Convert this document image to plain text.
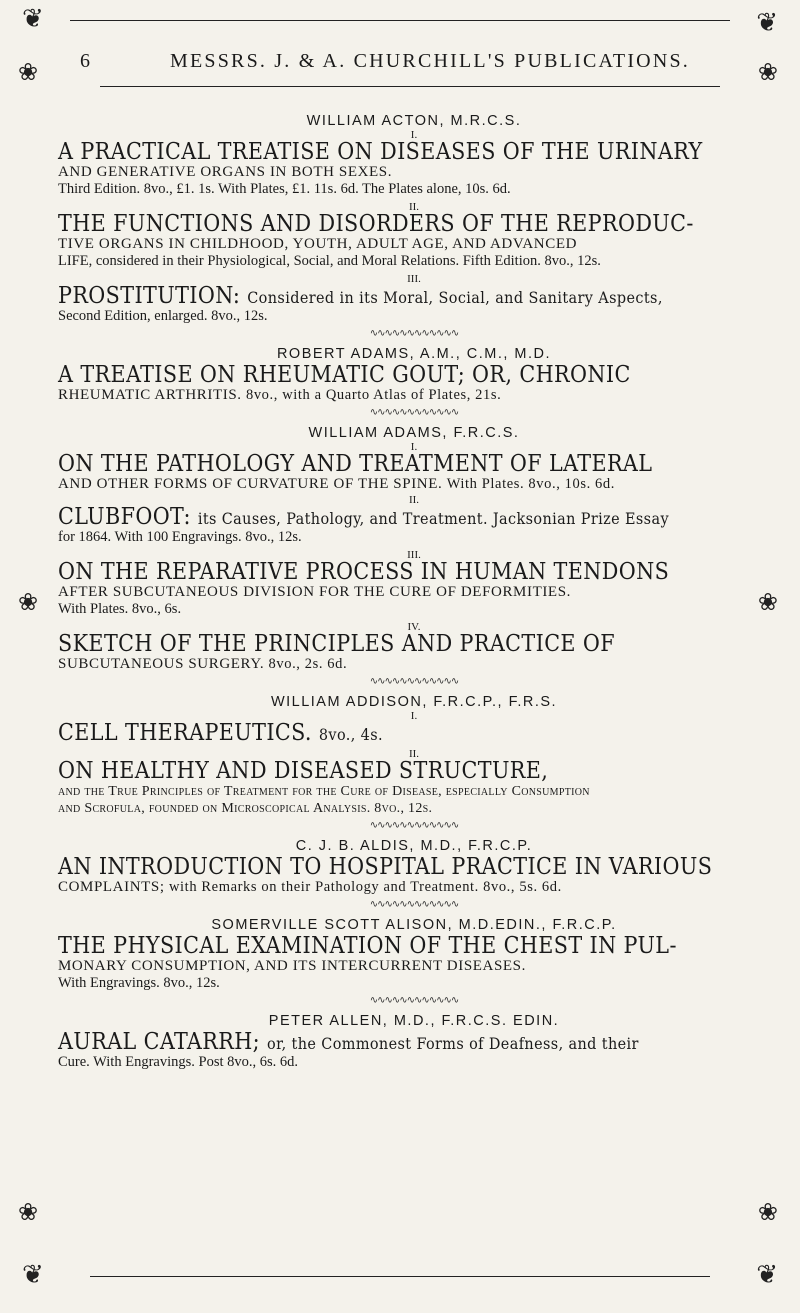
❦	❦
6	MESSRS. J. & A. CHURCHILL'S PUBLICATIONS.
❀	❀
❀	❀
❀	❀

WILLIAM ACTON, M.R.C.S.

I.

A PRACTICAL TREATISE ON DISEASES OF THE URINARY

AND GENERATIVE ORGANS IN BOTH SEXES.

Third Edition. 8vo., £1. 1s. With Plates, £1. 11s. 6d. The Plates alone, 10s. 6d.

II.

THE FUNCTIONS AND DISORDERS OF THE REPRODUC-

TIVE ORGANS IN CHILDHOOD, YOUTH, ADULT AGE, AND ADVANCED

LIFE, considered in their Physiological, Social, and Moral Relations. Fifth Edition. 8vo., 12s.

III.

PROSTITUTION: Considered in its Moral, Social, and Sanitary Aspects,

Second Edition, enlarged. 8vo., 12s.

∿∿∿∿∿∿∿∿∿∿∿∿

ROBERT ADAMS, A.M., C.M., M.D.

A TREATISE ON RHEUMATIC GOUT; OR, CHRONIC

RHEUMATIC ARTHRITIS. 8vo., with a Quarto Atlas of Plates, 21s.

∿∿∿∿∿∿∿∿∿∿∿∿

WILLIAM ADAMS, F.R.C.S.

I.

ON THE PATHOLOGY AND TREATMENT OF LATERAL

AND OTHER FORMS OF CURVATURE OF THE SPINE. With Plates. 8vo., 10s. 6d.

II.

CLUBFOOT: its Causes, Pathology, and Treatment. Jacksonian Prize Essay

for 1864. With 100 Engravings. 8vo., 12s.

III.

ON THE REPARATIVE PROCESS IN HUMAN TENDONS

AFTER SUBCUTANEOUS DIVISION FOR THE CURE OF DEFORMITIES.

With Plates. 8vo., 6s.

IV.

SKETCH OF THE PRINCIPLES AND PRACTICE OF

SUBCUTANEOUS SURGERY. 8vo., 2s. 6d.

∿∿∿∿∿∿∿∿∿∿∿∿

WILLIAM ADDISON, F.R.C.P., F.R.S.

I.

CELL THERAPEUTICS. 8vo., 4s.

II.

ON HEALTHY AND DISEASED STRUCTURE,

and the True Principles of Treatment for the Cure of Disease, especially Consumption

and Scrofula, founded on Microscopical Analysis. 8vo., 12s.

∿∿∿∿∿∿∿∿∿∿∿∿

C. J. B. ALDIS, M.D., F.R.C.P.

AN INTRODUCTION TO HOSPITAL PRACTICE IN VARIOUS

COMPLAINTS; with Remarks on their Pathology and Treatment. 8vo., 5s. 6d.

∿∿∿∿∿∿∿∿∿∿∿∿

SOMERVILLE SCOTT ALISON, M.D.EDIN., F.R.C.P.

THE PHYSICAL EXAMINATION OF THE CHEST IN PUL-

MONARY CONSUMPTION, AND ITS INTERCURRENT DISEASES.

With Engravings. 8vo., 12s.

∿∿∿∿∿∿∿∿∿∿∿∿

PETER ALLEN, M.D., F.R.C.S. EDIN.

AURAL CATARRH; or, the Commonest Forms of Deafness, and their

Cure. With Engravings. Post 8vo., 6s. 6d.

❦	❦
